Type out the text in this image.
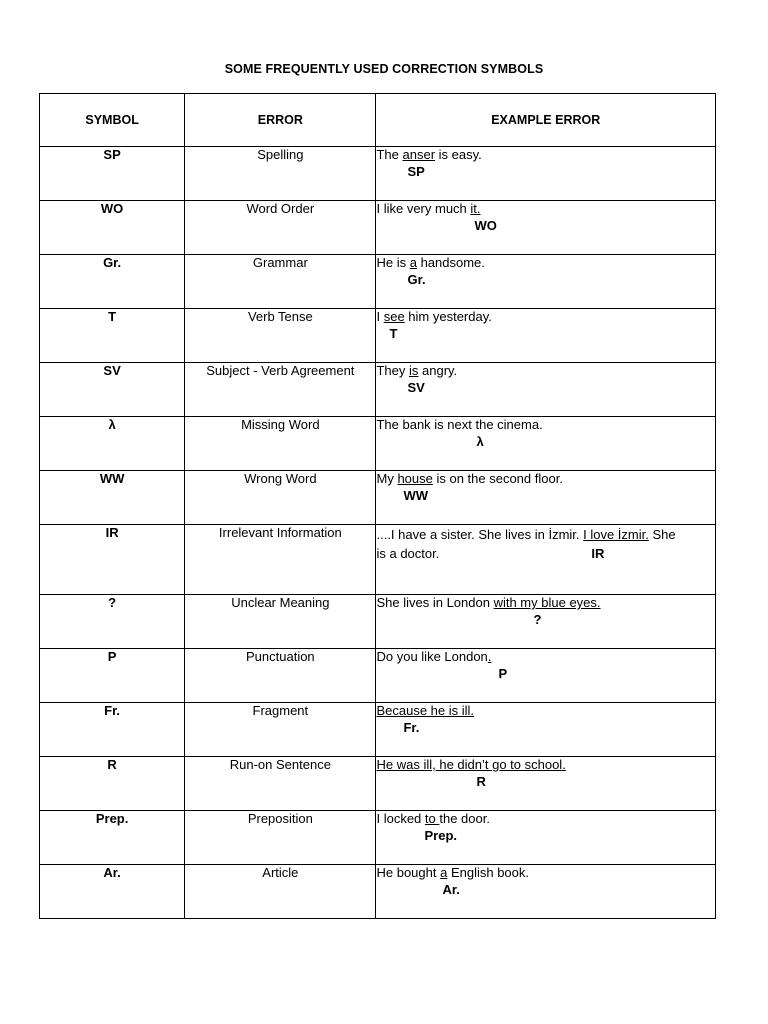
SOME FREQUENTLY USED CORRECTION SYMBOLS
SYMBOL	ERROR	EXAMPLE ERROR
SP	Spelling	The anser is easy.
SP

WO	Word Order	I like very much it.
WO

Gr.	Grammar	He is a handsome.
Gr.

T	Verb Tense	I see him yesterday.
T

SV	Subject - Verb Agreement	They is angry.
SV

λ	Missing Word	The bank is next the cinema.
λ

WW	Wrong Word	My house is on the second floor.
WW

IR	Irrelevant Information	....I have a sister. She lives in İzmir. I love İzmir. She
is a doctor. IR

?	Unclear Meaning	She lives in London with my blue eyes.
?

P	Punctuation	Do you like London.
P

Fr.	Fragment	Because he is ill.
Fr.

R	Run-on Sentence	He was ill, he didn’t go to school.
R

Prep.	Preposition	I locked to the door.
Prep.

Ar.	Article	He bought a English book.
Ar.
